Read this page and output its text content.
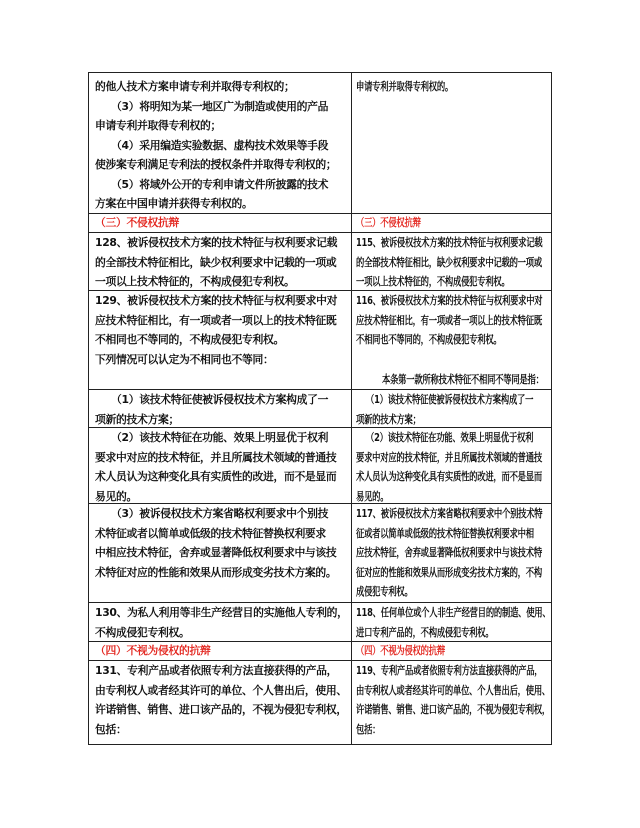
的他人技术方案申请专利并取得专利权的；
（3）将明知为某一地区广为制造或使用的产品
申请专利并取得专利权的；
（4）采用编造实验数据、虚构技术效果等手段
使涉案专利满足专利法的授权条件并取得专利权的；
（5）将域外公开的专利申请文件所披露的技术
方案在中国申请并获得专利权的。
申请专利并取得专利权的。
（三）不侵权抗辩	（三）不侵权抗辩
128、被诉侵权技术方案的技术特征与权利要求记载
的全部技术特征相比，缺少权利要求中记载的一项或
一项以上技术特征的，不构成侵犯专利权。
115、被诉侵权技术方案的技术特征与权利要求记载
的全部技术特征相比，缺少权利要求中记载的一项或
一项以上技术特征的，不构成侵犯专利权。
129、被诉侵权技术方案的技术特征与权利要求中对
应技术特征相比，有一项或者一项以上的技术特征既
不相同也不等同的，不构成侵犯专利权。
下列情况可以认定为不相同也不等同：
116、被诉侵权技术方案的技术特征与权利要求中对
应技术特征相比，有一项或者一项以上的技术特征既
不相同也不等同的，不构成侵犯专利权。
本条第一款所称技术特征不相同不等同是指：
（1）该技术特征使被诉侵权技术方案构成了一
项新的技术方案；
（1）该技术特征使被诉侵权技术方案构成了一
项新的技术方案；
（2）该技术特征在功能、效果上明显优于权利
要求中对应的技术特征，并且所属技术领域的普通技
术人员认为这种变化具有实质性的改进，而不是显而
易见的。
（2）该技术特征在功能、效果上明显优于权利
要求中对应的技术特征，并且所属技术领域的普通技
术人员认为这种变化具有实质性的改进，而不是显而
易见的。
（3）被诉侵权技术方案省略权利要求中个别技
术特征或者以简单或低级的技术特征替换权利要求
中相应技术特征，舍弃或显著降低权利要求中与该技
术特征对应的性能和效果从而形成变劣技术方案的。
117、被诉侵权技术方案省略权利要求中个别技术特
征或者以简单或低级的技术特征替换权利要求中相
应技术特征，舍弃或显著降低权利要求中与该技术特
征对应的性能和效果从而形成变劣技术方案的，不构
成侵犯专利权。
130、为私人利用等非生产经营目的实施他人专利的，
不构成侵犯专利权。
118、任何单位或个人非生产经营目的的制造、使用、
进口专利产品的，不构成侵犯专利权。
（四）不视为侵权的抗辩	（四）不视为侵权的抗辩
131、专利产品或者依照专利方法直接获得的产品，
由专利权人或者经其许可的单位、个人售出后，使用、
许诺销售、销售、进口该产品的，不视为侵犯专利权，
包括：
119、专利产品或者依照专利方法直接获得的产品，
由专利权人或者经其许可的单位、个人售出后，使用、
许诺销售、销售、进口该产品的，不视为侵犯专利权，
包括：
